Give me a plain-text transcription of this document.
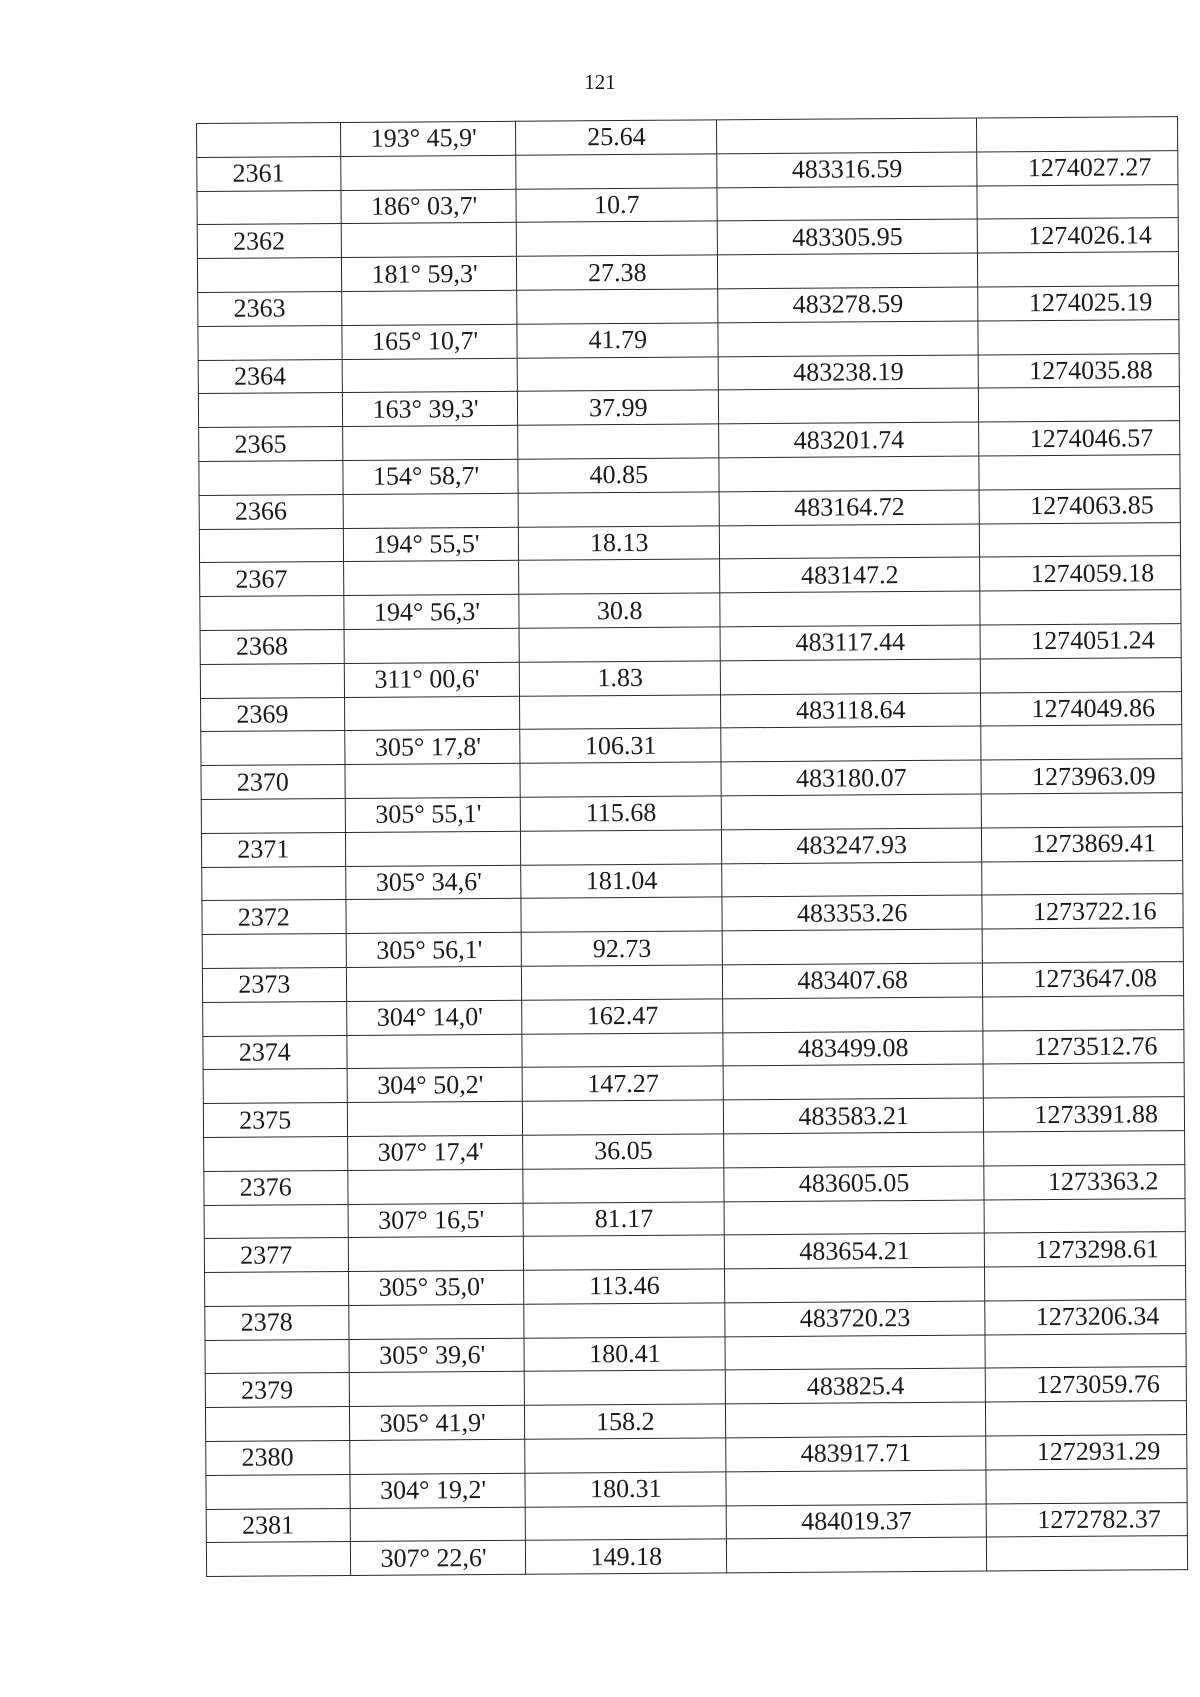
121
	193° 45,9'	25.64		
2361			483316.59	1274027.27
	186° 03,7'	10.7		
2362			483305.95	1274026.14
	181° 59,3'	27.38		
2363			483278.59	1274025.19
	165° 10,7'	41.79		
2364			483238.19	1274035.88
	163° 39,3'	37.99		
2365			483201.74	1274046.57
	154° 58,7'	40.85		
2366			483164.72	1274063.85
	194° 55,5'	18.13		
2367			483147.2	1274059.18
	194° 56,3'	30.8		
2368			483117.44	1274051.24
	311° 00,6'	1.83		
2369			483118.64	1274049.86
	305° 17,8'	106.31		
2370			483180.07	1273963.09
	305° 55,1'	115.68		
2371			483247.93	1273869.41
	305° 34,6'	181.04		
2372			483353.26	1273722.16
	305° 56,1'	92.73		
2373			483407.68	1273647.08
	304° 14,0'	162.47		
2374			483499.08	1273512.76
	304° 50,2'	147.27		
2375			483583.21	1273391.88
	307° 17,4'	36.05		
2376			483605.05	1273363.2
	307° 16,5'	81.17		
2377			483654.21	1273298.61
	305° 35,0'	113.46		
2378			483720.23	1273206.34
	305° 39,6'	180.41		
2379			483825.4	1273059.76
	305° 41,9'	158.2		
2380			483917.71	1272931.29
	304° 19,2'	180.31		
2381			484019.37	1272782.37
	307° 22,6'	149.18		
